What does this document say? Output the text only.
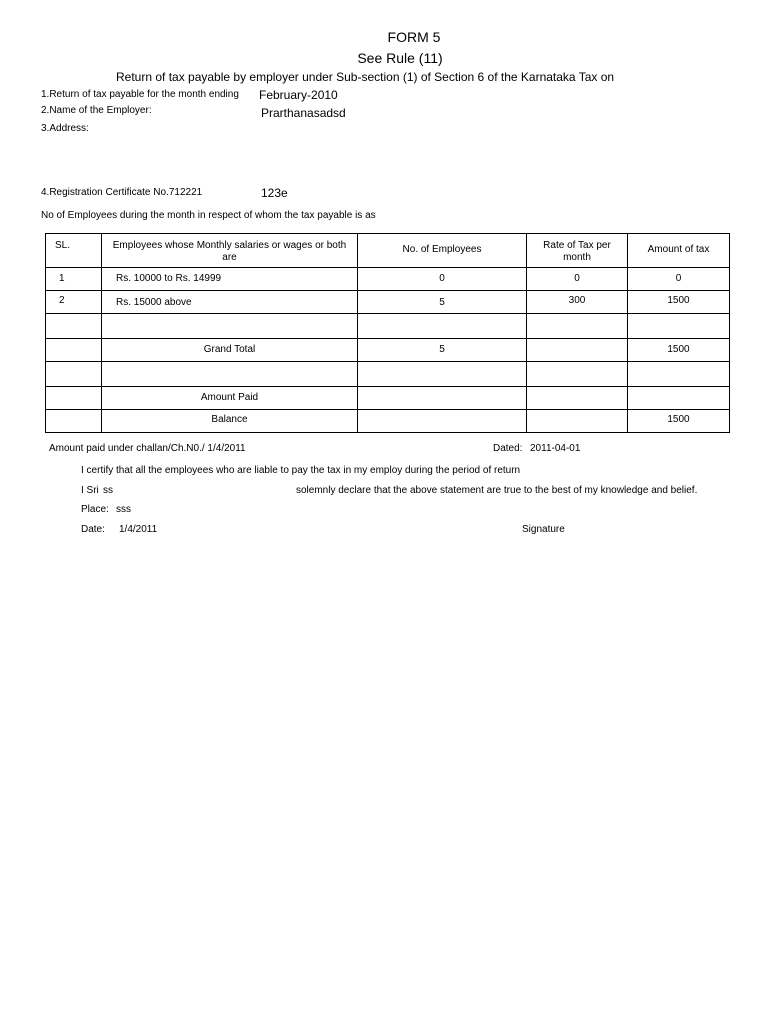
FORM 5
See Rule (11)
Return of tax payable by employer under Sub-section (1) of Section 6 of the Karnataka Tax on
1.Return of tax payable for the month ending February-2010
2.Name of the Employer:	Prarthanasadsd
3.Address:
4.Registration Certificate No.712221	123e
No of Employees during the month in respect of whom the tax payable is as
SL.	Employees whose Monthly salaries or wages or both are	No. of Employees	Rate of Tax per month	Amount of tax
1	Rs. 10000 to Rs. 14999	0	0	0
2	Rs. 15000 above	5	300	1500

	Grand Total	5		1500

	Amount Paid			
	Balance			1500
Amount paid under challan/Ch.N0./ 1/4/2011	Dated: 2011-04-01
I certify that all the employees who are liable to pay the tax in my employ during the period of return
I Sri ss	solemnly declare that the above statement are true to the best of my knowledge and belief.
Place: sss
Date: 1/4/2011	Signature
